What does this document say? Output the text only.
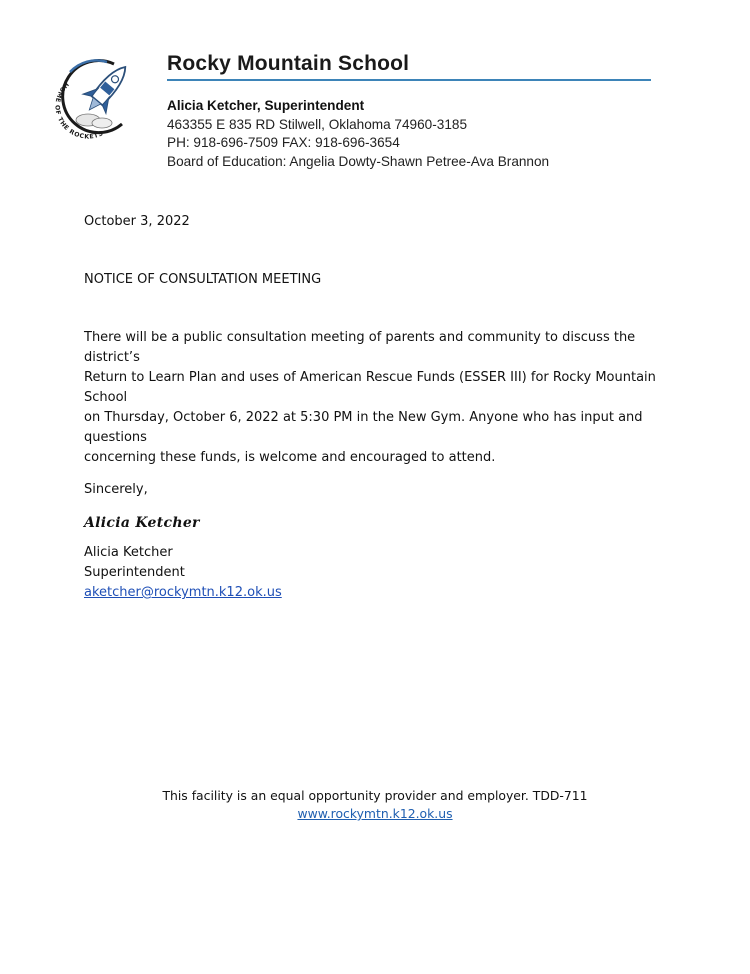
HOME OF THE ROCKETS
Rocky Mountain School
Alicia Ketcher, Superintendent
463355 E 835 RD Stilwell, Oklahoma 74960-3185
PH: 918-696-7509 FAX: 918-696-3654
Board of Education: Angelia Dowty-Shawn Petree-Ava Brannon

October 3, 2022

NOTICE OF CONSULTATION MEETING

There will be a public consultation meeting of parents and community to discuss the district’s
Return to Learn Plan and uses of American Rescue Funds (ESSER III) for Rocky Mountain School
on Thursday, October 6, 2022 at 5:30 PM in the New Gym. Anyone who has input and questions
concerning these funds, is welcome and encouraged to attend.

Sincerely,

Alicia Ketcher

Alicia Ketcher

Superintendent

aketcher@rockymtn.k12.ok.us
This facility is an equal opportunity provider and employer. TDD-711
www.rockymtn.k12.ok.us
